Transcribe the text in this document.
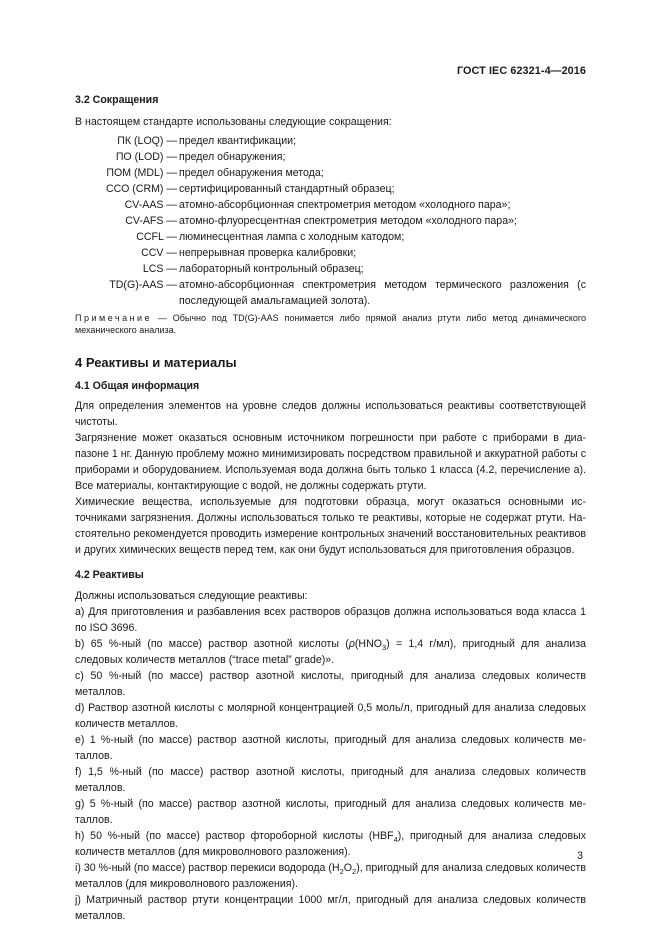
ГОСТ IEC 62321-4—2016
3.2 Сокращения

В настоящем стандарте использованы следующие сокращения:

ПК (LOQ) —	предел квантификации;
ПО (LOD) —	предел обнаружения;
ПОМ (MDL) —	предел обнаружения метода;
ССО (CRM) —	сертифицированный стандартный образец;
CV-AAS —	атомно-абсорбционная спектрометрия методом «холодного пара»;
CV-AFS —	атомно-флуоресцентная спектрометрия методом «холодного пара»;
CCFL —	люминесцентная лампа с холодным катодом;
CCV —	непрерывная проверка калибровки;
LCS —	лабораторный контрольный образец;
TD(G)-AAS —	атомно-абсорбционная спектрометрия методом термического разложения (с последующей амальгамацией золота).

Примечание — Обычно под TD(G)-AAS понимается либо прямой анализ ртути либо метод динамического механического анализа.

4 Реактивы и материалы
4.1 Общая информация

Для определения элементов на уровне следов должны использоваться реактивы соответствующей чистоты.

Загрязнение может оказаться основным источником погрешности при работе с приборами в диапазоне 1 нг. Данную проблему можно минимизировать посредством правильной и аккуратной работы с приборами и оборудованием. Используемая вода должна быть только 1 класса (4.2, перечисление а). Все материалы, контактирующие с водой, не должны содержать ртути.

Химические вещества, используемые для подготовки образца, могут оказаться основными источниками загрязнения. Должны использоваться только те реактивы, которые не содержат ртути. Настоятельно рекомендуется проводить измерение контрольных значений восстановительных реактивов и других химических веществ перед тем, как они будут использоваться для приготовления образцов.

4.2 Реактивы

Должны использоваться следующие реактивы:

а) Для приготовления и разбавления всех растворов образцов должна использоваться вода класса 1 по ISO 3696.

b) 65 %-ный (по массе) раствор азотной кислоты ($\rho(HNO_3) = 1,4$ г/мл), пригодный для анализа следовых количеств металлов (“trace metal” grade)».

с) 50 %-ный (по массе) раствор азотной кислоты, пригодный для анализа следовых количеств металлов.

d) Раствор азотной кислоты с молярной концентрацией 0,5 моль/л, пригодный для анализа следовых количеств металлов.

е) 1 %-ный (по массе) раствор азотной кислоты, пригодный для анализа следовых количеств металлов.

f) 1,5 %-ный (по массе) раствор азотной кислоты, пригодный для анализа следовых количеств металлов.

g) 5 %-ный (по массе) раствор азотной кислоты, пригодный для анализа следовых количеств металлов.

h) 50 %-ный (по массе) раствор фтороборной кислоты $(HBF_4)$, пригодный для анализа следовых количеств металлов (для микроволнового разложения).

i) 30 %-ный (по массе) раствор перекиси водорода $(H_2O_2)$, пригодный для анализа следовых количеств металлов (для микроволнового разложения).

j) Матричный раствор ртути концентрации 1000 мг/л, пригодный для анализа следовых количеств металлов.

3
